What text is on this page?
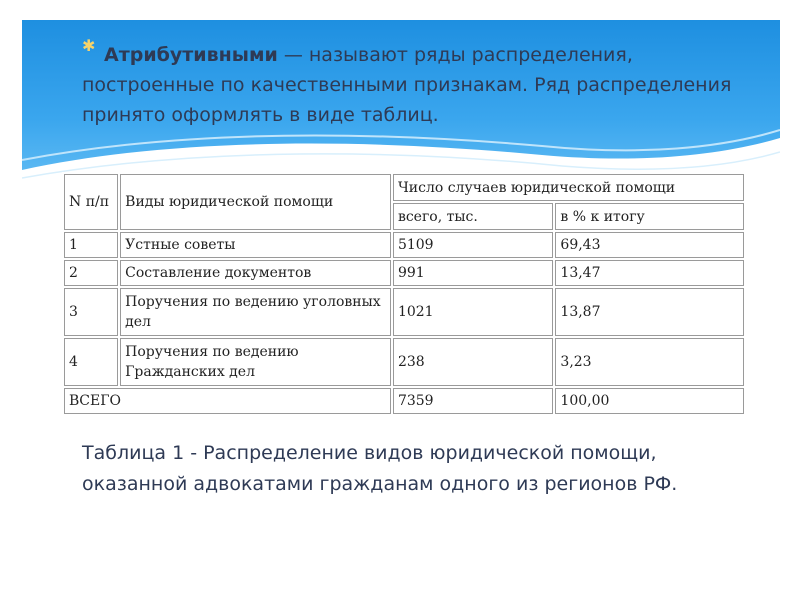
✱ Атрибутивными — называют ряды распределения, построенные по качественными признакам. Ряд распределения принято оформлять в виде таблиц.
N п/п	Виды юридической помощи	Число случаев юридической помощи	
		всего, тыс.	в % к итогу
1	Устные советы	5109	69,43
2	Составление документов	991	13,47
3	Поручения по ведению уголовных дел	1021	13,87
4	Поручения по ведению Гражданских дел	238	3,23
ВСЕГО		7359	100,00
Таблица 1 - Распределение видов юридической помощи,   оказанной адвокатами гражданам одного из регионов РФ.
